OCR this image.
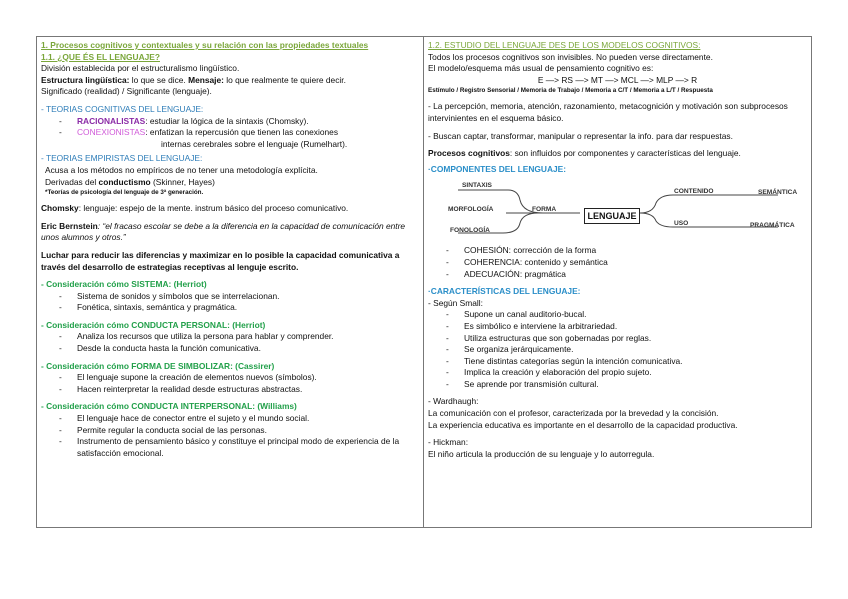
1. Procesos cognitivos y contextuales y su relación con las propiedades textuales
1.1. ¿QUE ÉS EL LENGUAJE?
División establecida por el estructuralismo lingüístico.
Estructura lingüística: lo que se dice. Mensaje: lo que realmente te quiere decir.
Significado (realidad) / Significante (lenguaje).
- TEORIAS COGNITIVAS DEL LENGUAJE:
- RACIONALISTAS: estudiar la lógica de la sintaxis (Chomsky).
- CONEXIONISTAS: enfatizan la repercusión que tienen las conexiones
internas cerebrales sobre el lenguaje (Rumelhart).
- TEORIAS EMPIRISTAS DEL LENGUAJE:
Acusa a los métodos no empíricos de no tener una metodología explícita.
Derivadas del conductismo (Skinner, Hayes)
*Teorías de psicología del lenguaje de 3ª generación.
Chomsky: lenguaje: espejo de la mente. instrum básico del proceso comunicativo.
Eric Bernstein: “el fracaso escolar se debe a la diferencia en la capacidad de comunicación entre unos alumnos y otros.”
Luchar para reducir las diferencias y maximizar en lo posible la capacidad comunicativa a través del desarrollo de estrategias receptivas al lenguje escrito.
- Consideración cómo SISTEMA: (Herriot)
- Sistema de sonidos y símbolos que se interrelacionan.
- Fonética, sintaxis, semántica y pragmática.
- Consideración cómo CONDUCTA PERSONAL: (Herriot)
- Analiza los recursos que utiliza la persona para hablar y comprender.
- Desde la conducta hasta la función comunicativa.
- Consideración cómo FORMA DE SIMBOLIZAR: (Cassirer)
- El lenguaje supone la creación de elementos nuevos (símbolos).
- Hacen reinterpretar la realidad desde estructuras abstractas.
- Consideración cómo CONDUCTA INTERPERSONAL: (Williams)
- El lenguaje hace de conector entre el sujeto y el mundo social.
- Permite regular la conducta social de las personas.
- Instrumento de pensamiento básico y constituye el principal modo de experiencia de la satisfacción emocional.
1.2. ESTUDIO DEL LENGUAJE DES DE LOS MODELOS COGNITIVOS:
Todos los procesos cognitivos son invisibles. No pueden verse directamente.
El modelo/esquema más usual de pensamiento cognitivo es:
E —> RS —> MT —> MCL —> MLP —> R
Estímulo / Registro Sensorial / Memoria de Trabajo / Memoria a C/T / Memoria a L/T / Respuesta
- La percepción, memoria, atención, razonamiento, metacognición y motivación son subprocesos intervinientes en el esquema básico.
- Buscan captar, transformar, manipular o representar la info. para dar respuestas.
Procesos cognitivos: son influidos por componentes y características del lenguaje.
·COMPONENTES DEL LENGUAJE:
SINTAXIS
MORFOLOGÍA
FONOLOGÍA
FORMA
LENGUAJE
CONTENIDO	SEMÁNTICA
USO	PRAGMÁTICA
- COHESIÓN: corrección de la forma
- COHERENCIA: contenido y semántica
- ADECUACIÓN: pragmática
·CARACTERÍSTICAS DEL LENGUAJE:
- Según Small:
- Supone un canal auditorio-bucal.
- Es simbólico e interviene la arbitrariedad.
- Utiliza estructuras que son gobernadas por reglas.
- Se organiza jerárquicamente.
- Tiene distintas categorías según la intención comunicativa.
- Implica la creación y elaboración del propio sujeto.
- Se aprende por transmisión cultural.
- Wardhaugh:
La comunicación con el profesor, caracterizada por la brevedad y la concisión.
La experiencia educativa es importante en el desarrollo de la capacidad productiva.
- Hickman:
El niño articula la producción de su lenguaje y lo autorregula.
